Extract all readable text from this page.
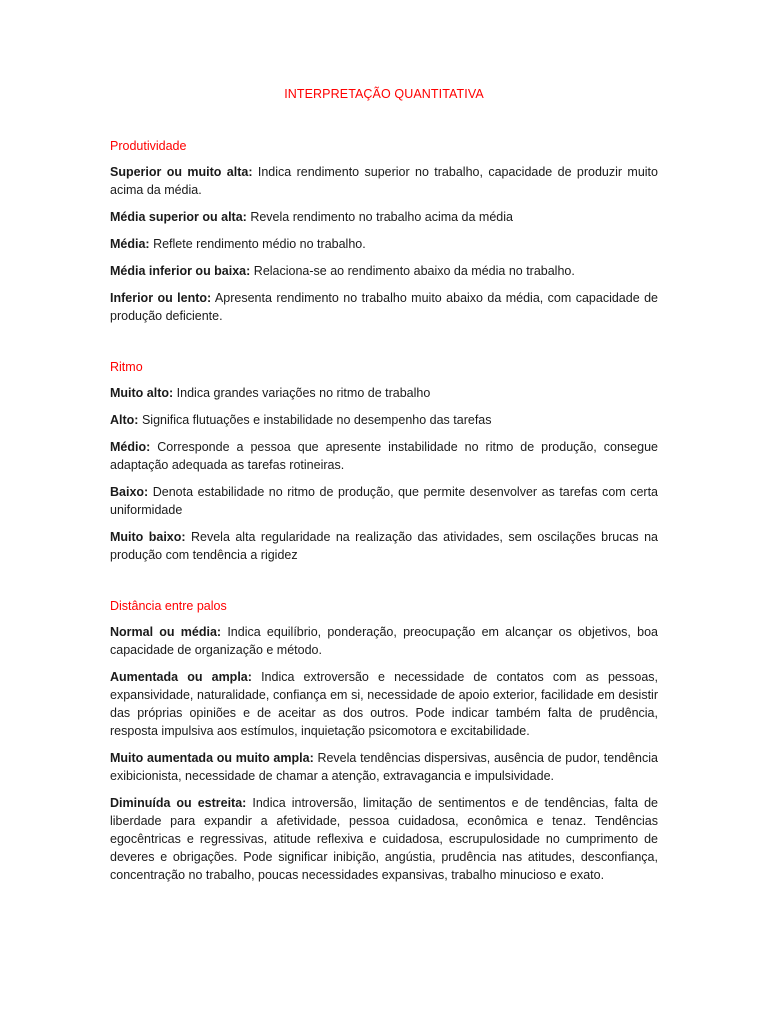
INTERPRETAÇÃO QUANTITATIVA
Produtividade

Superior ou muito alta: Indica rendimento superior no trabalho, capacidade de produzir muito acima da média.

Média superior ou alta: Revela rendimento no trabalho acima da média

Média: Reflete rendimento médio no trabalho.

Média inferior ou baixa: Relaciona-se ao rendimento abaixo da média no trabalho.

Inferior ou lento: Apresenta rendimento no trabalho muito abaixo da média, com capacidade de produção deficiente.

Ritmo

Muito alto: Indica grandes variações no ritmo de trabalho

Alto: Significa flutuações e instabilidade no desempenho das tarefas

Médio: Corresponde a pessoa que apresente instabilidade no ritmo de produção, consegue adaptação adequada as tarefas rotineiras.

Baixo: Denota estabilidade no ritmo de produção, que permite desenvolver as tarefas com certa uniformidade

Muito baixo: Revela alta regularidade na realização das atividades, sem oscilações brucas na produção com tendência a rigidez

Distância entre palos

Normal ou média: Indica equilíbrio, ponderação, preocupação em alcançar os objetivos, boa capacidade de organização e método.

Aumentada ou ampla: Indica extroversão e necessidade de contatos com as pessoas, expansividade, naturalidade, confiança em si, necessidade de apoio exterior, facilidade em desistir das próprias opiniões e de aceitar as dos outros. Pode indicar também falta de prudência, resposta impulsiva aos estímulos, inquietação psicomotora e excitabilidade.

Muito aumentada ou muito ampla: Revela tendências dispersivas, ausência de pudor, tendência exibicionista, necessidade de chamar a atenção, extravagancia e impulsividade.

Diminuída ou estreita: Indica introversão, limitação de sentimentos e de tendências, falta de liberdade para expandir a afetividade, pessoa cuidadosa, econômica e tenaz. Tendências egocêntricas e regressivas, atitude reflexiva e cuidadosa, escrupulosidade no cumprimento de deveres e obrigações. Pode significar inibição, angústia, prudência nas atitudes, desconfiança, concentração no trabalho, poucas necessidades expansivas, trabalho minucioso e exato.
